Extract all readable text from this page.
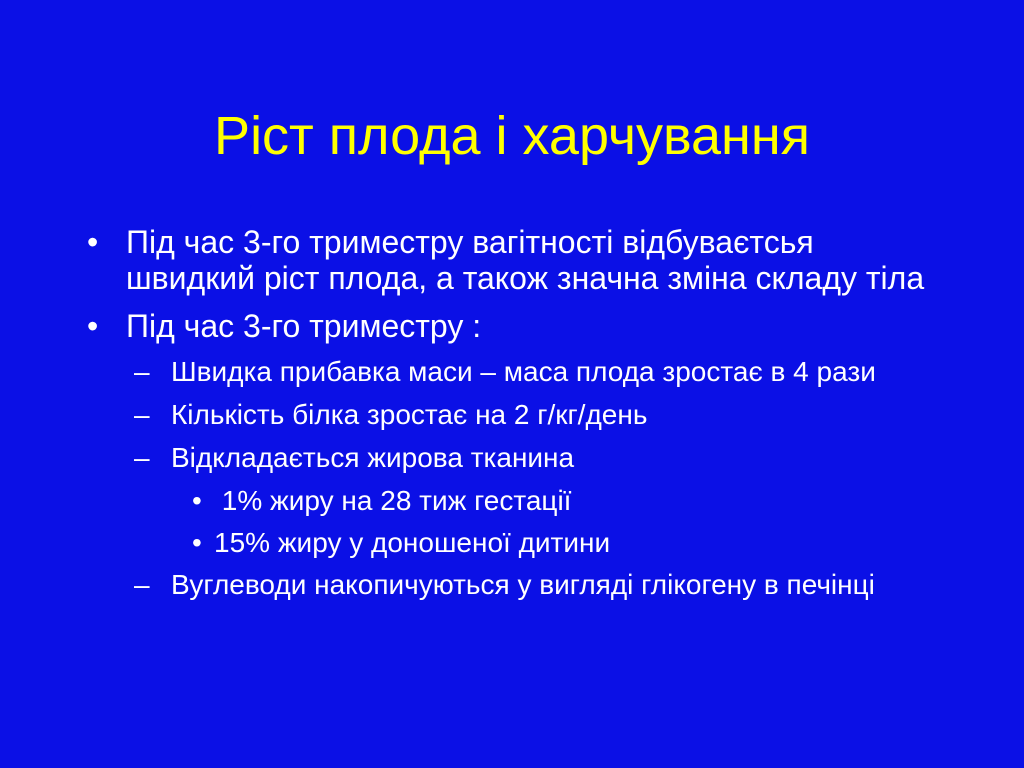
Ріст плода і харчування
• Під час 3-го триместру вагітності відбуваєтсья швидкий ріст плода, а також значна зміна складу тіла
• Під час 3-го триместру :
– Швидка прибавка маси – маса плода зростає в 4 рази
– Кількість білка зростає на 2 г/кг/день
– Відкладається жирова тканина
• 1% жиру на 28 тиж гестації
• 15% жиру у доношеної дитини
– Вуглеводи накопичуються у вигляді глікогену в печінці
